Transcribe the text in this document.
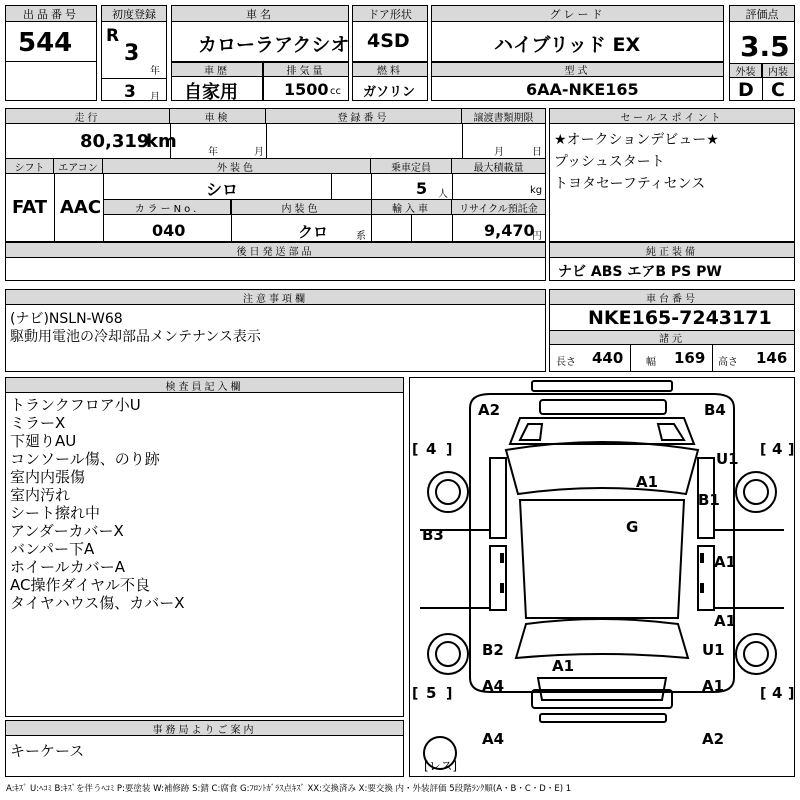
出品番号
544
初度登録
R
3
年
3 月
車名
カローラアクシオ
ドア形状
4SD
グレード
ハイブリッド EX
評価点
3.5
外装	内装
D C
車歴
自家用
排気量
1500 cc
燃料
ガソリン
型式
6AA-NKE165
走行	車検	登録番号	譲渡書類期限
80,319
km
年	月	月	日
シフト	エアコン	外装色	乗車定員	最大積載量
FAT AAC
シロ	5 人	kg
カラーNo.	内装色	輸入車	リサイクル預託金
040	クロ	系	9,470
円
セールスポイント
★オークションデビュー★
プッシュスタート
トヨタセーフティセンス
後日発送部品	純正装備
ナビ ABS エアB PS PW
注意事項欄
(ナビ)NSLN-W68
駆動用電池の冷却部品メンテナンス表示
車台番号
NKE165-7243171
諸元
長さ 440 幅 169 高さ 146
検査員記入欄
トランクフロア小U
ミラーX
下廻りAU
コンソール傷、のり跡
室内内張傷
室内汚れ
シート擦れ中
アンダーカバーX
バンパー下A
ホイールカバーA
AC操作ダイヤル不良
タイヤハウス傷、カバーX
事務局よりご案内
キーケース
[ ]	[ ]
[ ]	[ ]
4	4
5	4
[レス]
A2	B4
U1
A1
B1
G
B3
A1
A1
B2	U1
A1
A4	A1
A4	A2
A:ｷｽﾞ U:ﾍｺﾐ B:ｷｽﾞを伴うﾍｺﾐ P:要塗装 W:補修跡 S:錆 C:腐食 G:ﾌﾛﾝﾄｶﾞﾗｽ点ｷｽﾞ XX:交換済み X:要交換 内・外装評価 5段階ﾗﾝｸ順(A・B・C・D・E) 1
